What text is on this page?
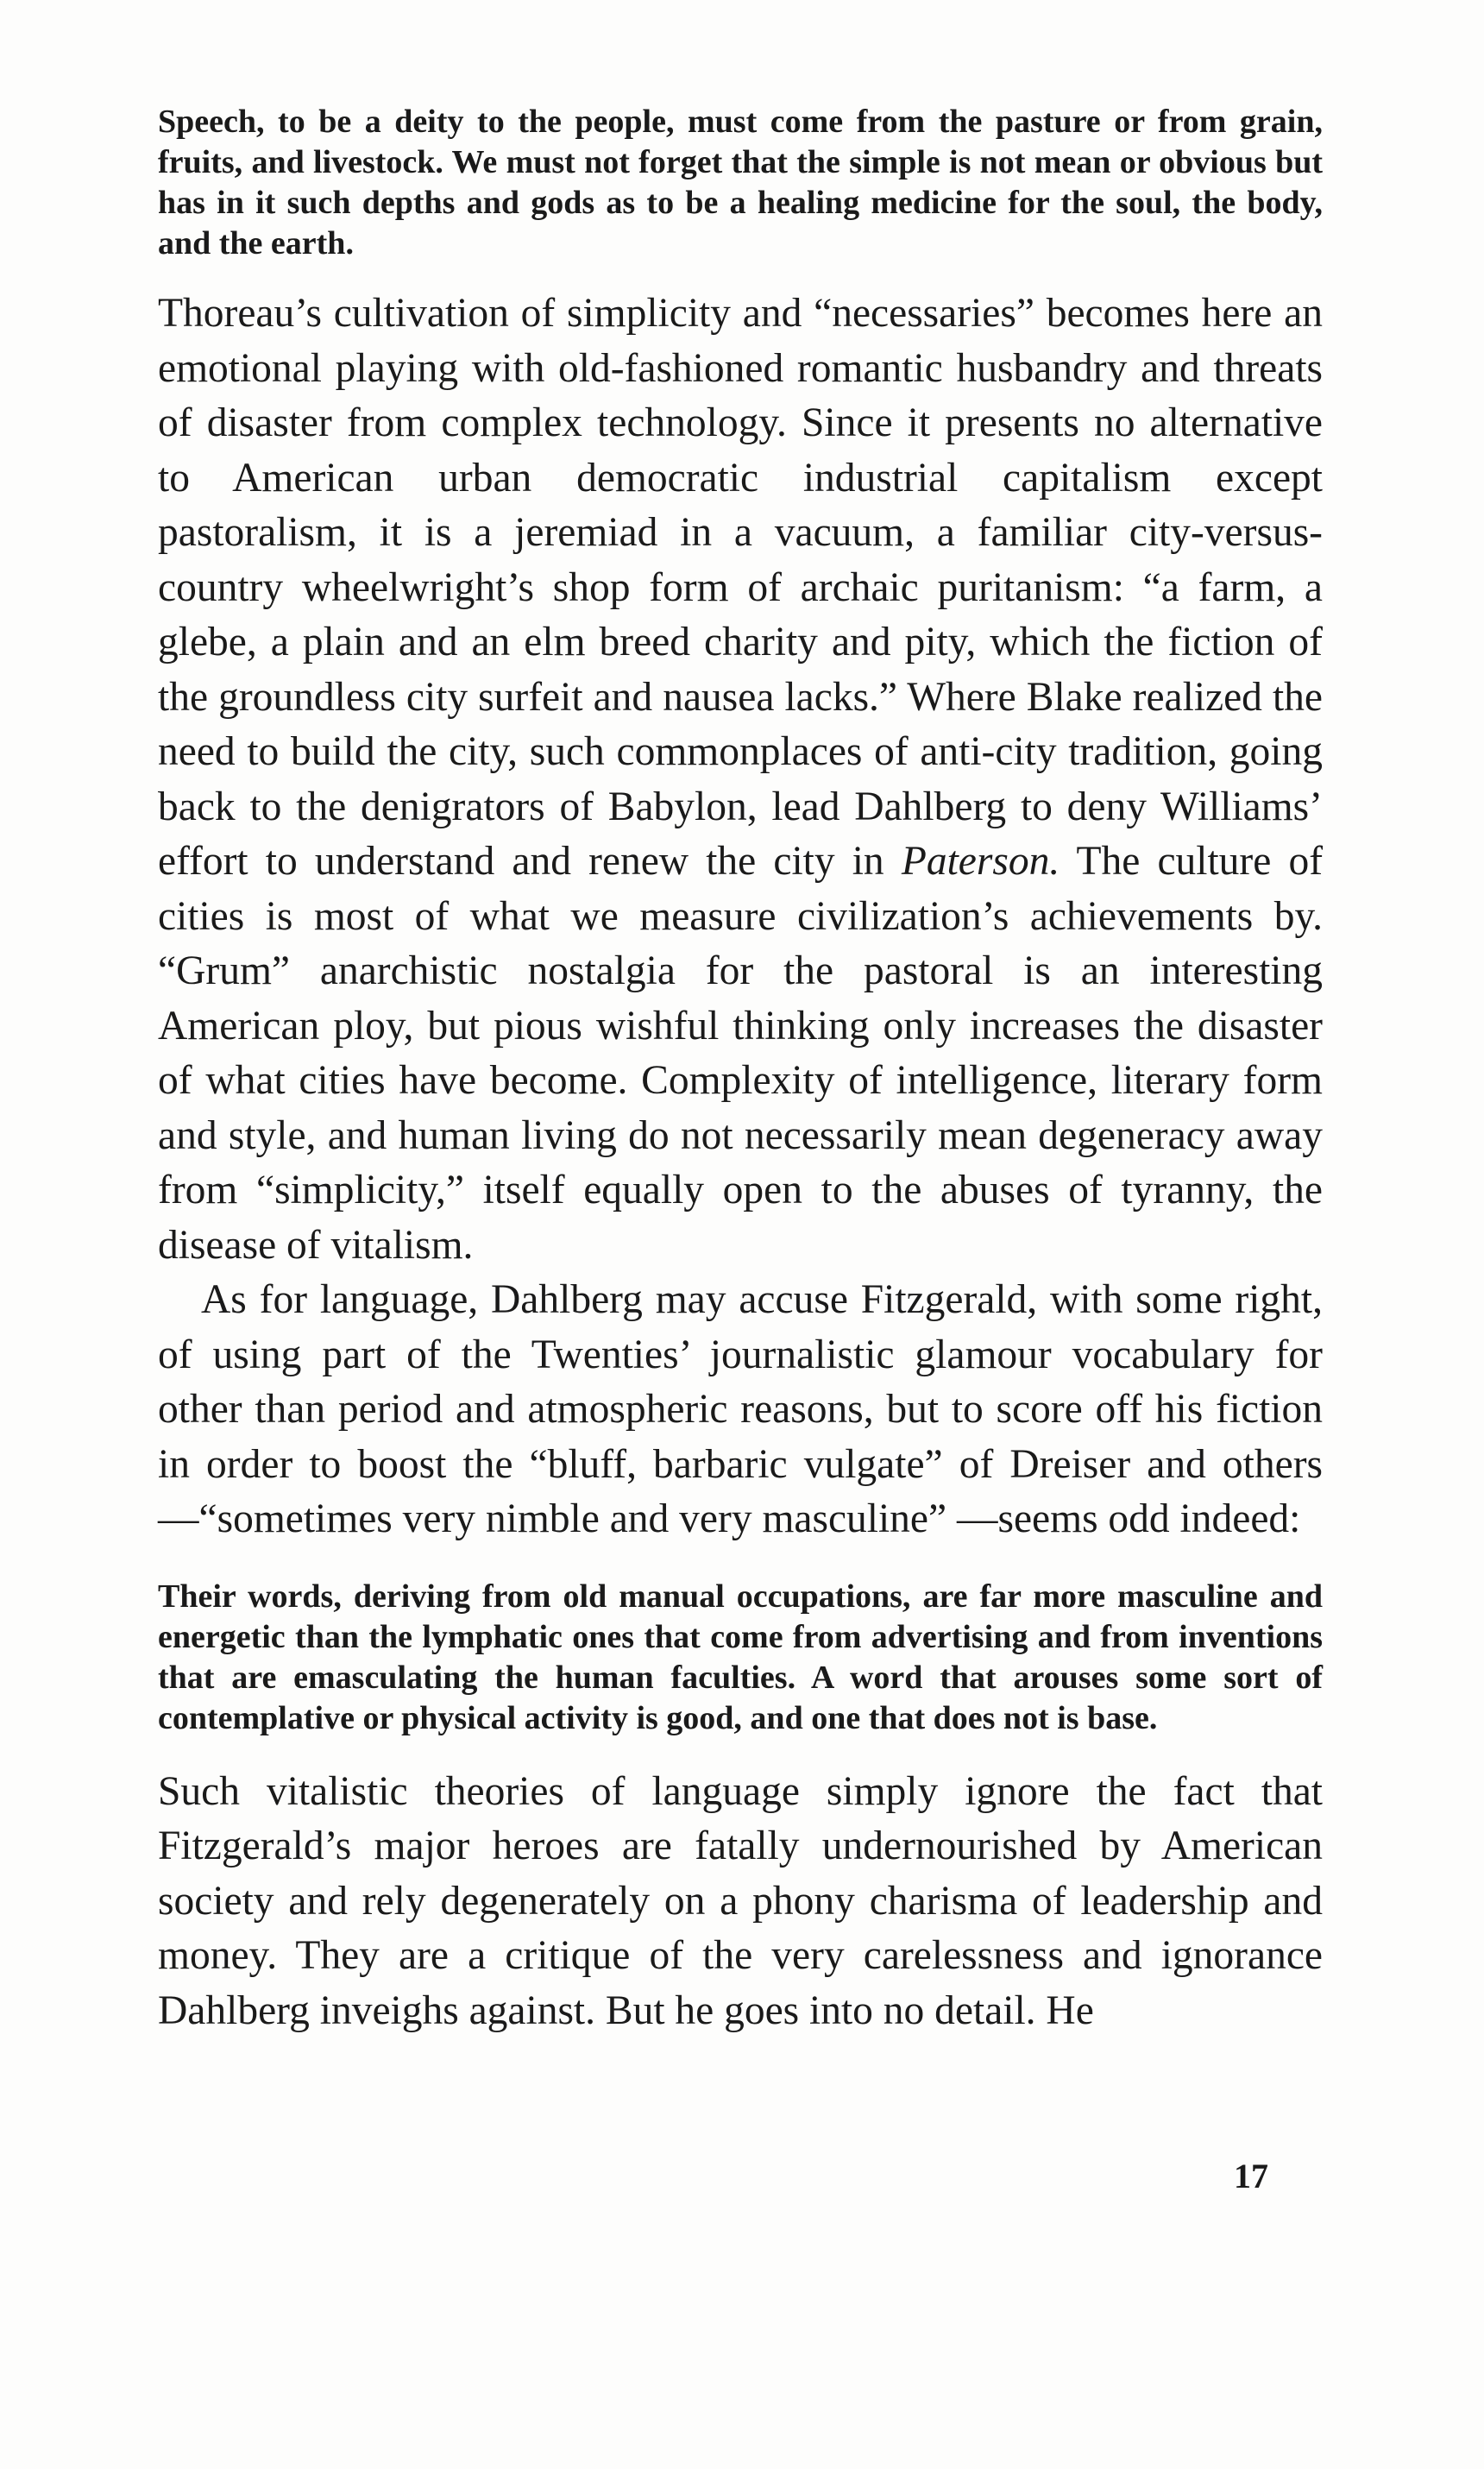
Speech, to be a deity to the people, must come from the pasture or from grain, fruits, and livestock. We must not forget that the simple is not mean or obvious but has in it such depths and gods as to be a healing medicine for the soul, the body, and the earth.

Thoreau’s cultivation of simplicity and “necessaries” becomes here an emotional playing with old-fashioned romantic husbandry and threats of disaster from complex technology. Since it presents no alternative to American urban democratic industrial capitalism except pastoralism, it is a jeremiad in a vacuum, a familiar city-versus-country wheelwright’s shop form of archaic puritanism: “a farm, a glebe, a plain and an elm breed charity and pity, which the fiction of the groundless city surfeit and nausea lacks.” Where Blake realized the need to build the city, such commonplaces of anti-city tradition, going back to the denigrators of Babylon, lead Dahlberg to deny Williams’ effort to understand and renew the city in Paterson. The culture of cities is most of what we measure civilization’s achievements by. “Grum” anarchistic nostalgia for the pastoral is an interesting American ploy, but pious wishful thinking only increases the disaster of what cities have become. Complexity of intelligence, literary form and style, and human living do not necessarily mean degeneracy away from “simplicity,” itself equally open to the abuses of tyranny, the disease of vitalism.

As for language, Dahlberg may accuse Fitzgerald, with some right, of using part of the Twenties’ journalistic glamour vocabulary for other than period and atmospheric reasons, but to score off his fiction in order to boost the “bluff, barbaric vulgate” of Dreiser and others—“sometimes very nimble and very masculine” —seems odd indeed:

Their words, deriving from old manual occupations, are far more masculine and energetic than the lymphatic ones that come from advertising and from inventions that are emasculating the human faculties. A word that arouses some sort of contemplative or physical activity is good, and one that does not is base.

Such vitalistic theories of language simply ignore the fact that Fitzgerald’s major heroes are fatally undernourished by American society and rely degenerately on a phony charisma of leadership and money. They are a critique of the very carelessness and ignorance Dahlberg inveighs against. But he goes into no detail. He

17
